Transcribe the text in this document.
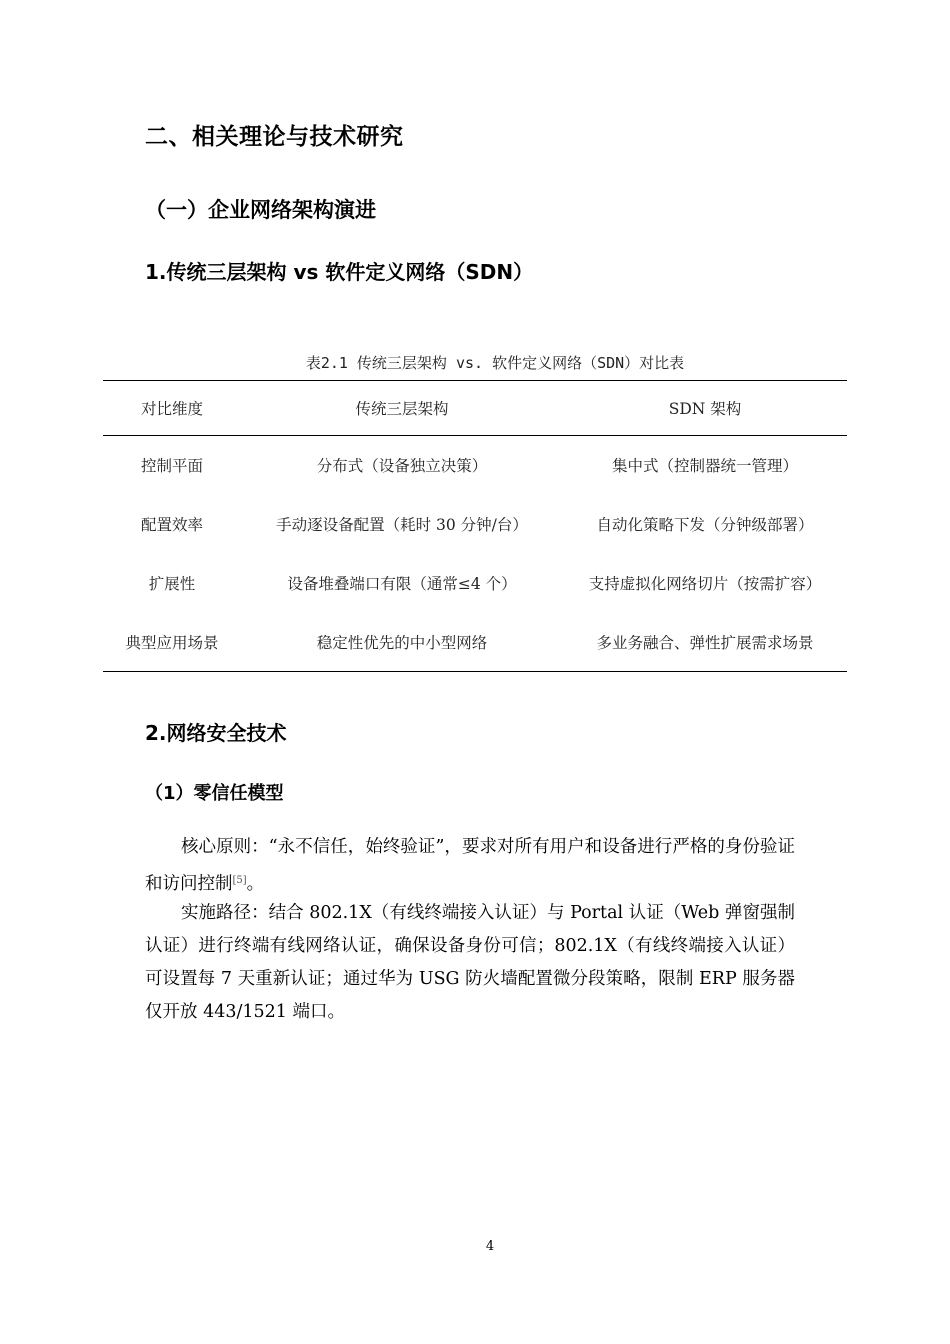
二、相关理论与技术研究
（一）企业网络架构演进
1.传统三层架构 vs 软件定义网络（SDN）
表2.1 传统三层架构 vs. 软件定义网络（SDN）对比表
对比维度	传统三层架构	SDN 架构
控制平面	分布式（设备独立决策）	集中式（控制器统一管理）
配置效率	手动逐设备配置（耗时 30 分钟/台）	自动化策略下发（分钟级部署）
扩展性	设备堆叠端口有限（通常≤4 个）	支持虚拟化网络切片（按需扩容）
典型应用场景	稳定性优先的中小型网络	多业务融合、弹性扩展需求场景
2.网络安全技术
（1）零信任模型
核心原则：“永不信任，始终验证”，要求对所有用户和设备进行严格的身份验证和访问控制[5]。
实施路径：结合 802.1X（有线终端接入认证）与 Portal 认证（Web 弹窗强制认证）进行终端有线网络认证，确保设备身份可信；802.1X（有线终端接入认证）可设置每 7 天重新认证；通过华为 USG 防火墙配置微分段策略，限制 ERP 服务器仅开放 443/1521 端口。
4
